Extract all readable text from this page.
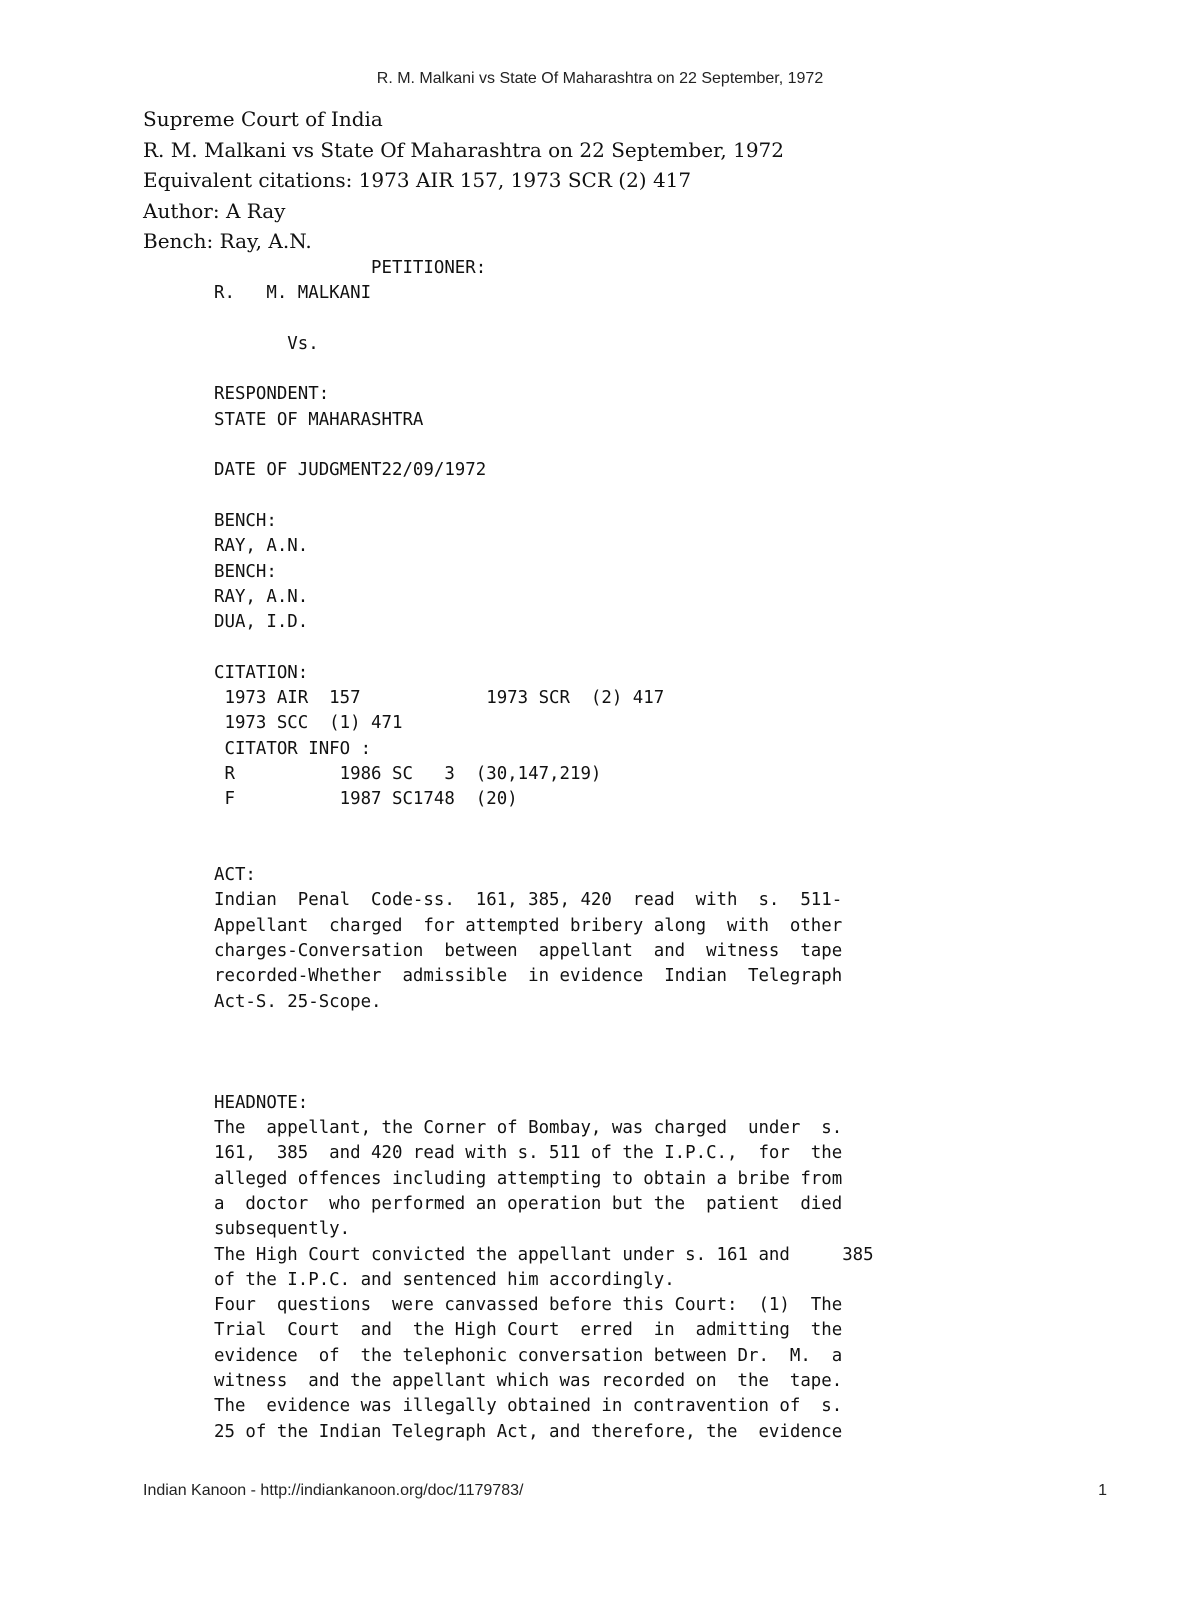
R. M. Malkani vs State Of Maharashtra on 22 September, 1972
Supreme Court of India
R. M. Malkani vs State Of Maharashtra on 22 September, 1972
Equivalent citations: 1973 AIR 157, 1973 SCR (2) 417
Author: A Ray
Bench: Ray, A.N.
PETITIONER:
R.   M. MALKANI
Vs.
RESPONDENT:
STATE OF MAHARASHTRA
DATE OF JUDGMENT22/09/1972
BENCH:
RAY, A.N.
BENCH:
RAY, A.N.
DUA, I.D.
CITATION:
1973 AIR  157            1973 SCR  (2) 417
1973 SCC  (1) 471
CITATOR INFO :
R          1986 SC   3  (30,147,219)
F          1987 SC1748  (20)
ACT:
Indian  Penal  Code-ss.  161, 385, 420  read  with  s.  511-
Appellant  charged  for attempted bribery along  with  other
charges-Conversation  between  appellant  and  witness  tape
recorded-Whether  admissible  in evidence  Indian  Telegraph
Act-S. 25-Scope.
HEADNOTE:
The  appellant, the Corner of Bombay, was charged  under  s.
161,  385  and 420 read with s. 511 of the I.P.C.,  for  the
alleged offences including attempting to obtain a bribe from
a  doctor  who performed an operation but the  patient  died
subsequently.
The High Court convicted the appellant under s. 161 and     385
of the I.P.C. and sentenced him accordingly.
Four  questions  were canvassed before this Court:  (1)  The
Trial  Court  and  the High Court  erred  in  admitting  the
evidence  of  the telephonic conversation between Dr.  M.  a
witness  and the appellant which was recorded on  the  tape.
The  evidence was illegally obtained in contravention of  s.
25 of the Indian Telegraph Act, and therefore, the  evidence
Indian Kanoon - http://indiankanoon.org/doc/1179783/	1
